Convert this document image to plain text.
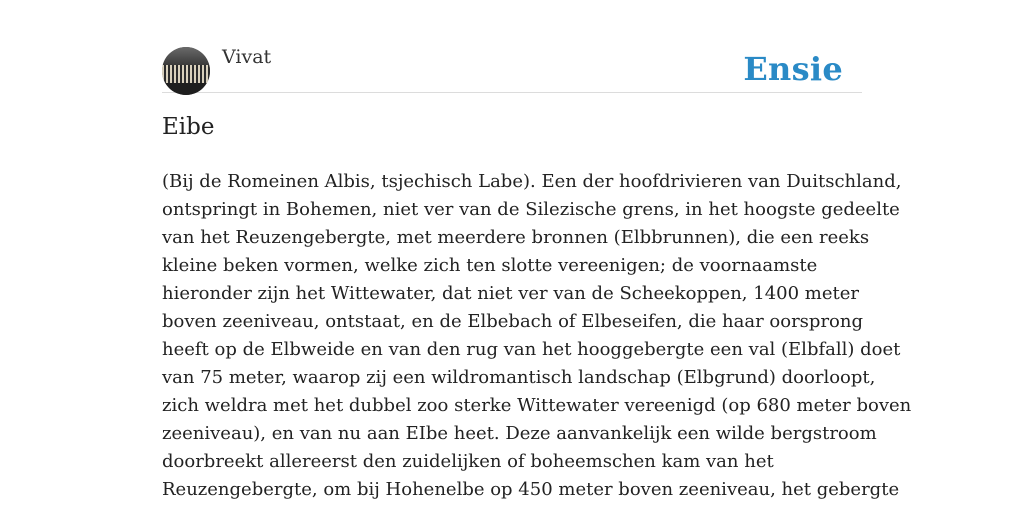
Vivat	Ensie
Eibe
(Bij de Romeinen Albis, tsjechisch Labe). Een der hoofdrivieren van Duitschland,
ontspringt in Bohemen, niet ver van de Silezische grens, in het hoogste gedeelte
van het Reuzengebergte, met meerdere bronnen (Elbbrunnen), die een reeks
kleine beken vormen, welke zich ten slotte vereenigen; de voornaamste
hieronder zijn het Wittewater, dat niet ver van de Scheekoppen, 1400 meter
boven zeeniveau, ontstaat, en de Elbebach of Elbeseifen, die haar oorsprong
heeft op de Elbweide en van den rug van het hooggebergte een val (Elbfall) doet
van 75 meter, waarop zij een wildromantisch landschap (Elbgrund) doorloopt,
zich weldra met het dubbel zoo sterke Wittewater vereenigd (op 680 meter boven
zeeniveau), en van nu aan EIbe heet. Deze aanvankelijk een wilde bergstroom
doorbreekt allereerst den zuidelijken of boheemschen kam van het
Reuzengebergte, om bij Hohenelbe op 450 meter boven zeeniveau, het gebergte
